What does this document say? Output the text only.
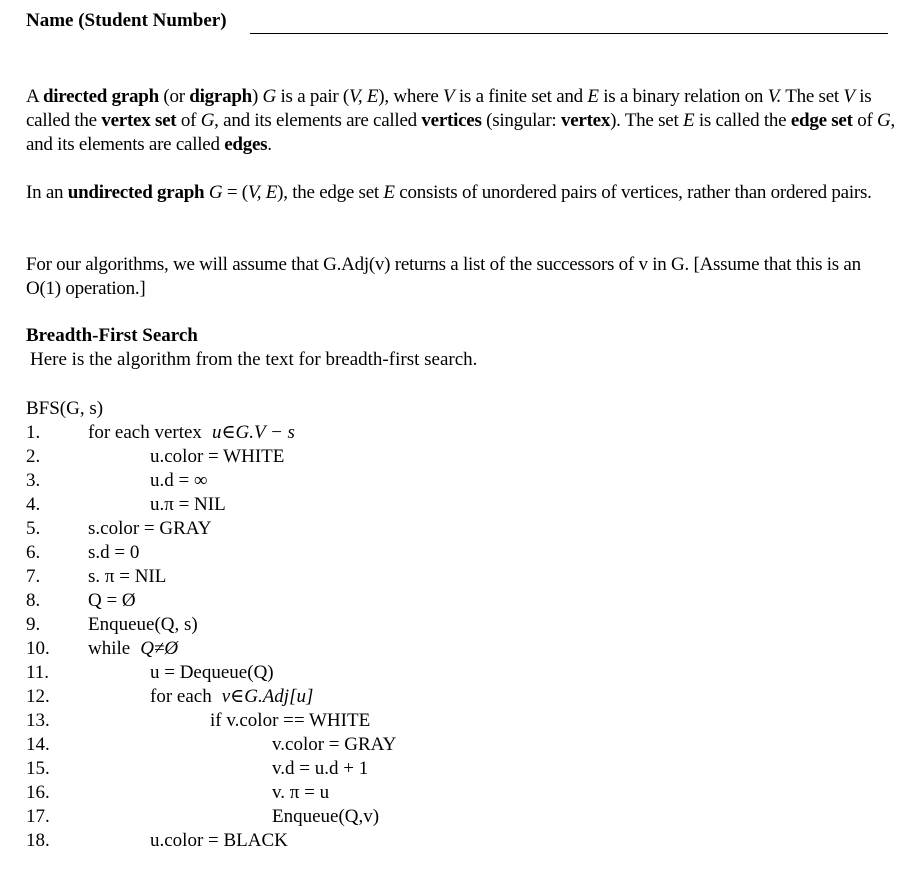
Name (Student Number)
A directed graph (or digraph) G is a pair (V, E), where V is a finite set and E is a binary relation on V. The set V is called the vertex set of G, and its elements are called vertices (singular: vertex). The set E is called the edge set of G, and its elements are called edges.
In an undirected graph G = (V, E), the edge set E consists of unordered pairs of vertices, rather than ordered pairs.
For our algorithms, we will assume that G.Adj(v) returns a list of the successors of v in G. [Assume that this is an O(1) operation.]
Breadth-First Search
Here is the algorithm from the text for breadth-first search.
BFS(G, s)
1.	for each vertex u∈G.V − s
2.	u.color = WHITE
3.	u.d = ∞
4.	u.π = NIL
5.	s.color = GRAY
6.	s.d = 0
7.	s. π = NIL
8.	Q = Ø
9.	Enqueue(Q, s)
10. while Q≠Ø
11.	u = Dequeue(Q)
12.	for each v∈G.Adj[u]
13.	if v.color == WHITE
14.	v.color = GRAY
15.	v.d = u.d + 1
16.	v. π = u
17.	Enqueue(Q,v)
18.	u.color = BLACK
